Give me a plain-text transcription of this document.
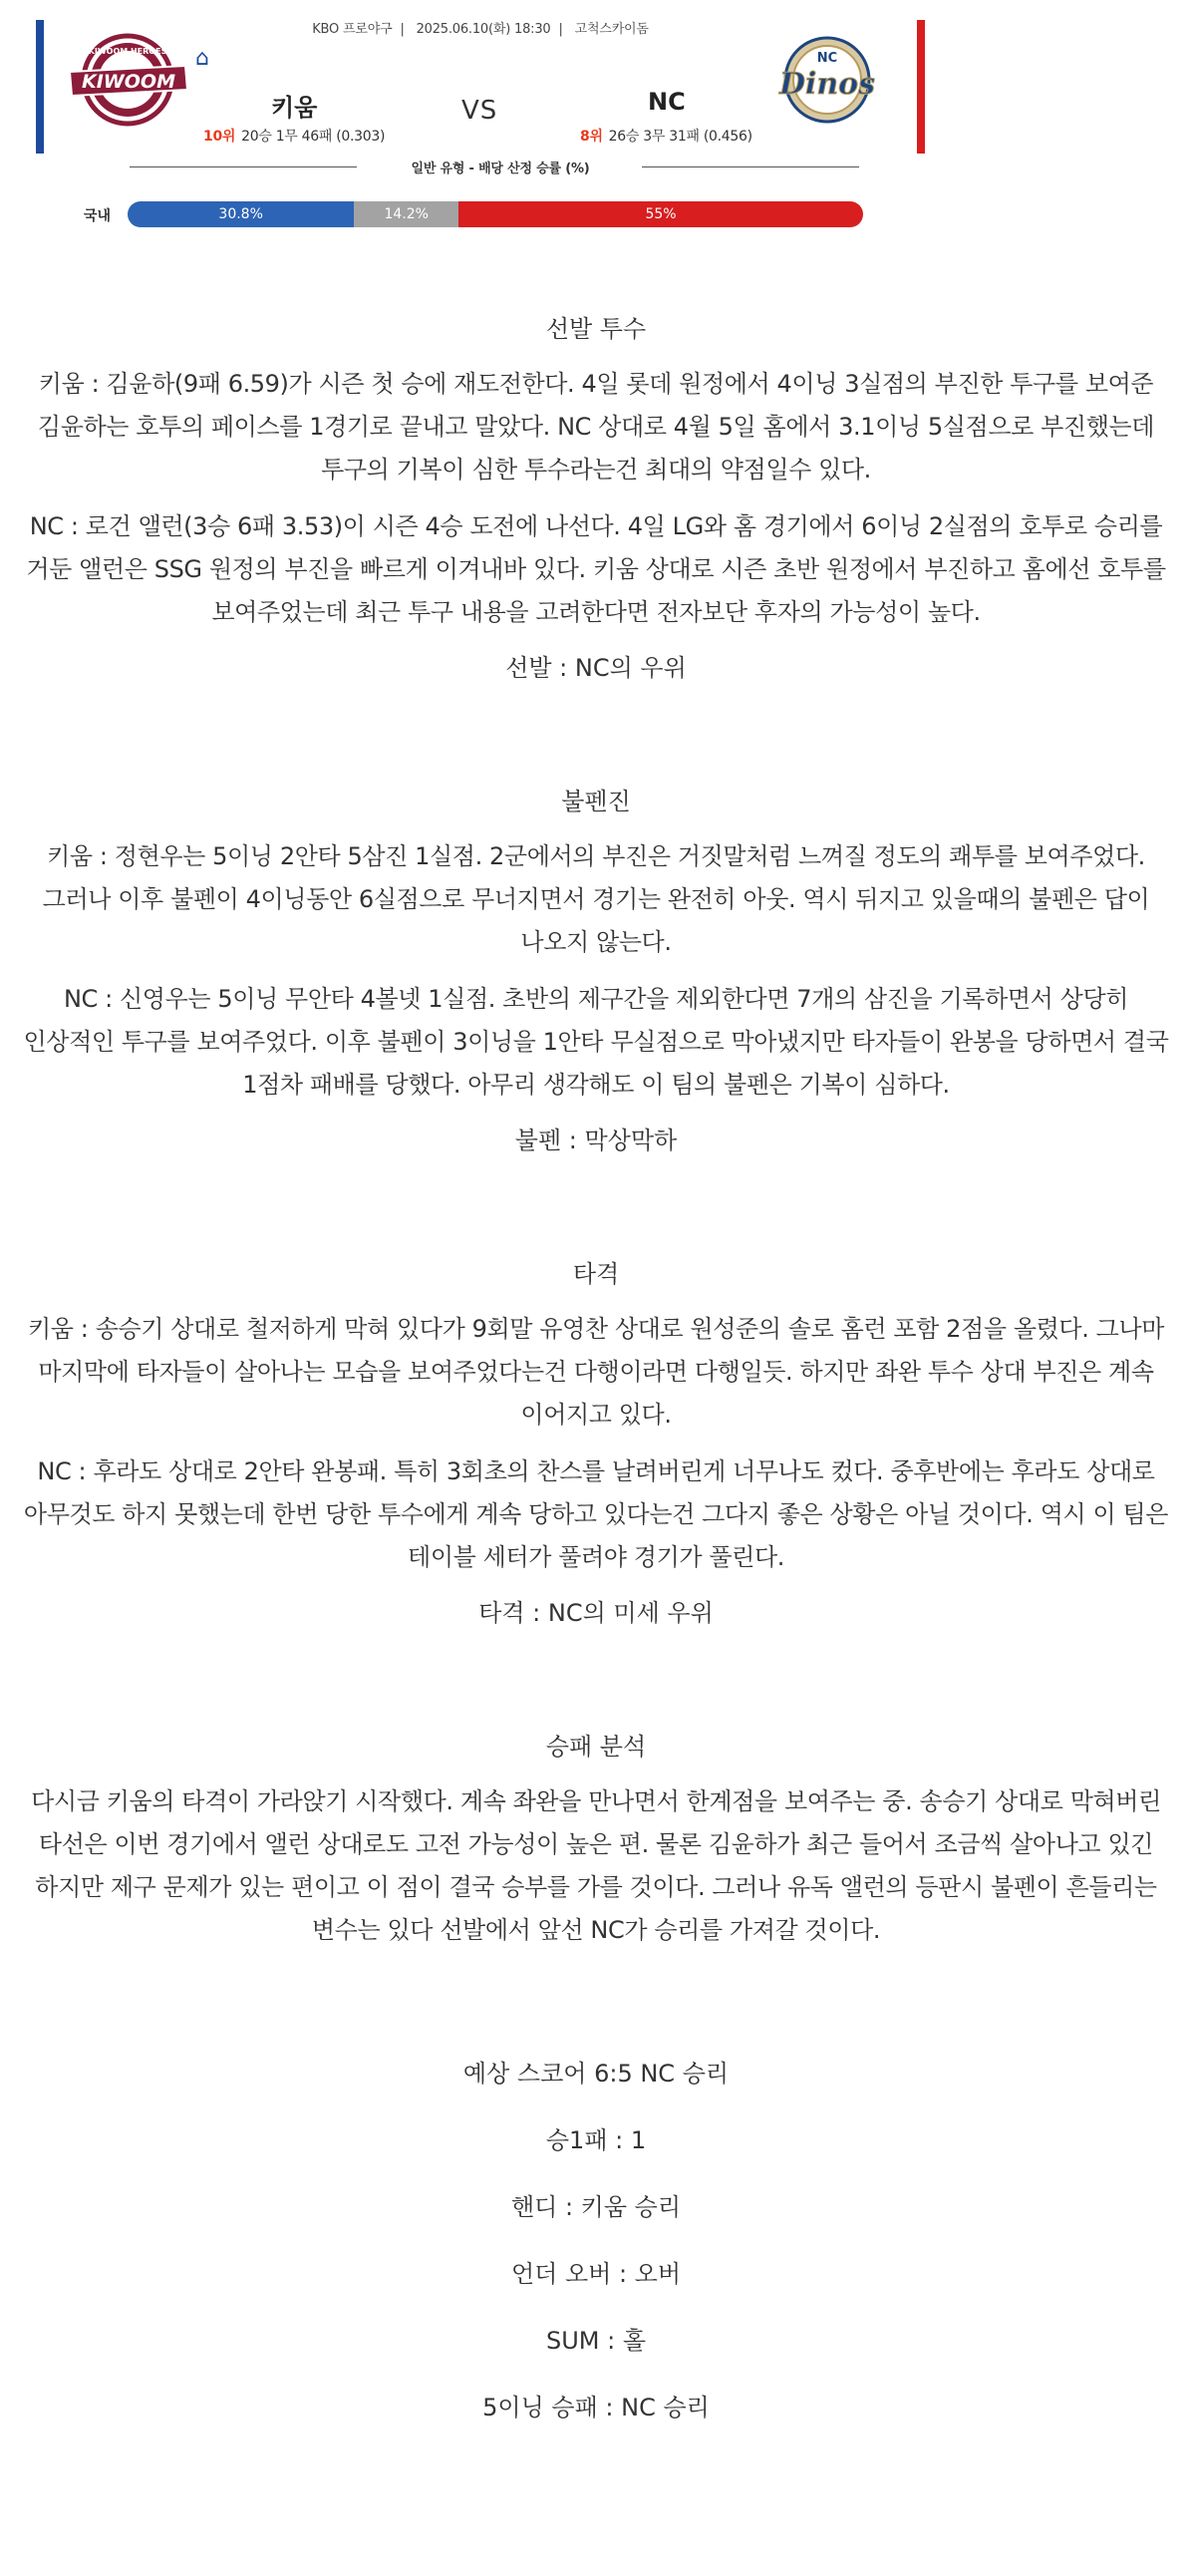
KBO 프로야구 | 2025.06.10(화) 18:30 | 고척스카이돔
KIWOOM HEROES
KIWOOM
⌂
키움	VS	NC
10위 20승 1무 46패 (0.303)	8위 26승 3무 31패 (0.456)
NC
Dinos
일반 유형 - 배당 산정 승률 (%)
국내	30.8%	14.2%	55%
선발 투수

키움 : 김윤하(9패 6.59)가 시즌 첫 승에 재도전한다. 4일 롯데 원정에서 4이닝 3실점의 부진한 투구를 보여준 김윤하는 호투의 페이스를 1경기로 끝내고 말았다. NC 상대로 4월 5일 홈에서 3.1이닝 5실점으로 부진했는데 투구의 기복이 심한 투수라는건 최대의 약점일수 있다.

NC : 로건 앨런(3승 6패 3.53)이 시즌 4승 도전에 나선다. 4일 LG와 홈 경기에서 6이닝 2실점의 호투로 승리를 거둔 앨런은 SSG 원정의 부진을 빠르게 이겨내바 있다. 키움 상대로 시즌 초반 원정에서 부진하고 홈에선 호투를 보여주었는데 최근 투구 내용을 고려한다면 전자보단 후자의 가능성이 높다.

선발 : NC의 우위
불펜진

키움 : 정현우는 5이닝 2안타 5삼진 1실점. 2군에서의 부진은 거짓말처럼 느껴질 정도의 쾌투를 보여주었다. 그러나 이후 불펜이 4이닝동안 6실점으로 무너지면서 경기는 완전히 아웃. 역시 뒤지고 있을때의 불펜은 답이 나오지 않는다.

NC : 신영우는 5이닝 무안타 4볼넷 1실점. 초반의 제구간을 제외한다면 7개의 삼진을 기록하면서 상당히 인상적인 투구를 보여주었다. 이후 불펜이 3이닝을 1안타 무실점으로 막아냈지만 타자들이 완봉을 당하면서 결국 1점차 패배를 당했다. 아무리 생각해도 이 팀의 불펜은 기복이 심하다.

불펜 : 막상막하
타격

키움 : 송승기 상대로 철저하게 막혀 있다가 9회말 유영찬 상대로 원성준의 솔로 홈런 포함 2점을 올렸다. 그나마 마지막에 타자들이 살아나는 모습을 보여주었다는건 다행이라면 다행일듯. 하지만 좌완 투수 상대 부진은 계속 이어지고 있다.

NC : 후라도 상대로 2안타 완봉패. 특히 3회초의 찬스를 날려버린게 너무나도 컸다. 중후반에는 후라도 상대로 아무것도 하지 못했는데 한번 당한 투수에게 계속 당하고 있다는건 그다지 좋은 상황은 아닐 것이다. 역시 이 팀은 테이블 세터가 풀려야 경기가 풀린다.

타격 : NC의 미세 우위
승패 분석

다시금 키움의 타격이 가라앉기 시작했다. 계속 좌완을 만나면서 한계점을 보여주는 중. 송승기 상대로 막혀버린 타선은 이번 경기에서 앨런 상대로도 고전 가능성이 높은 편. 물론 김윤하가 최근 들어서 조금씩 살아나고 있긴 하지만 제구 문제가 있는 편이고 이 점이 결국 승부를 가를 것이다. 그러나 유독 앨런의 등판시 불펜이 흔들리는 변수는 있다 선발에서 앞선 NC가 승리를 가져갈 것이다.

예상 스코어 6:5 NC 승리
승1패 : 1
핸디 : 키움 승리
언더 오버 : 오버
SUM : 홀
5이닝 승패 : NC 승리
